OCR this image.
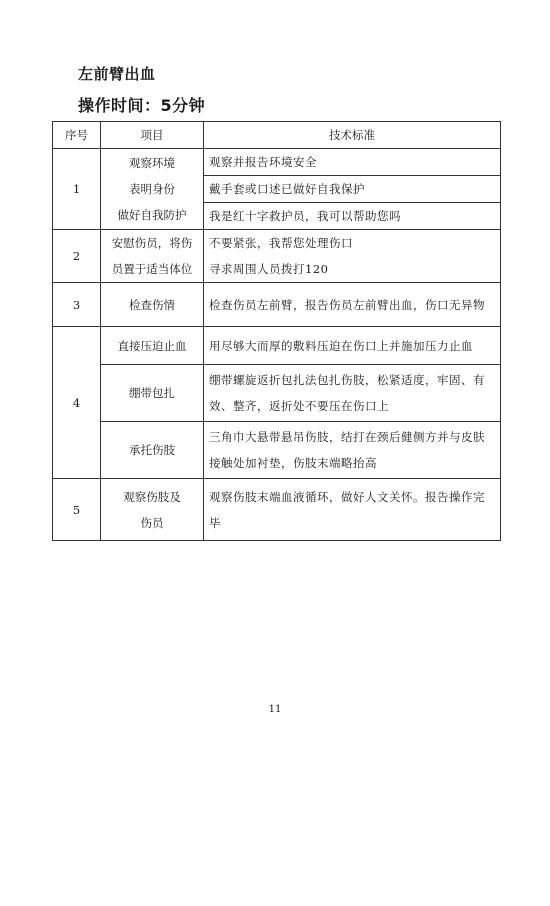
左前臂出血
操作时间：5分钟
序号	项目	技术标准
1	观察环境
表明身份
做好自我防护	观察并报告环境安全
		戴手套或口述已做好自我保护
		我是红十字救护员，我可以帮助您吗
2	安慰伤员，将伤
员置于适当体位	不要紧张，我帮您处理伤口
寻求周围人员拨打120

3	检查伤情	检查伤员左前臂，报告伤员左前臂出血，伤口无异物
4	直接压迫止血	用尽够大而厚的敷料压迫在伤口上并施加压力止血
	绷带包扎	绷带螺旋返折包扎法包扎伤肢，松紧适度，牢固、有
效、整齐，返折处不要压在伤口上

	承托伤肢	三角巾大悬带悬吊伤肢，结打在颈后健侧方并与皮肤
接触处加衬垫，伤肢末端略抬高

5	观察伤肢及
伤员	观察伤肢末端血液循环，做好人文关怀。报告操作完
毕
11
